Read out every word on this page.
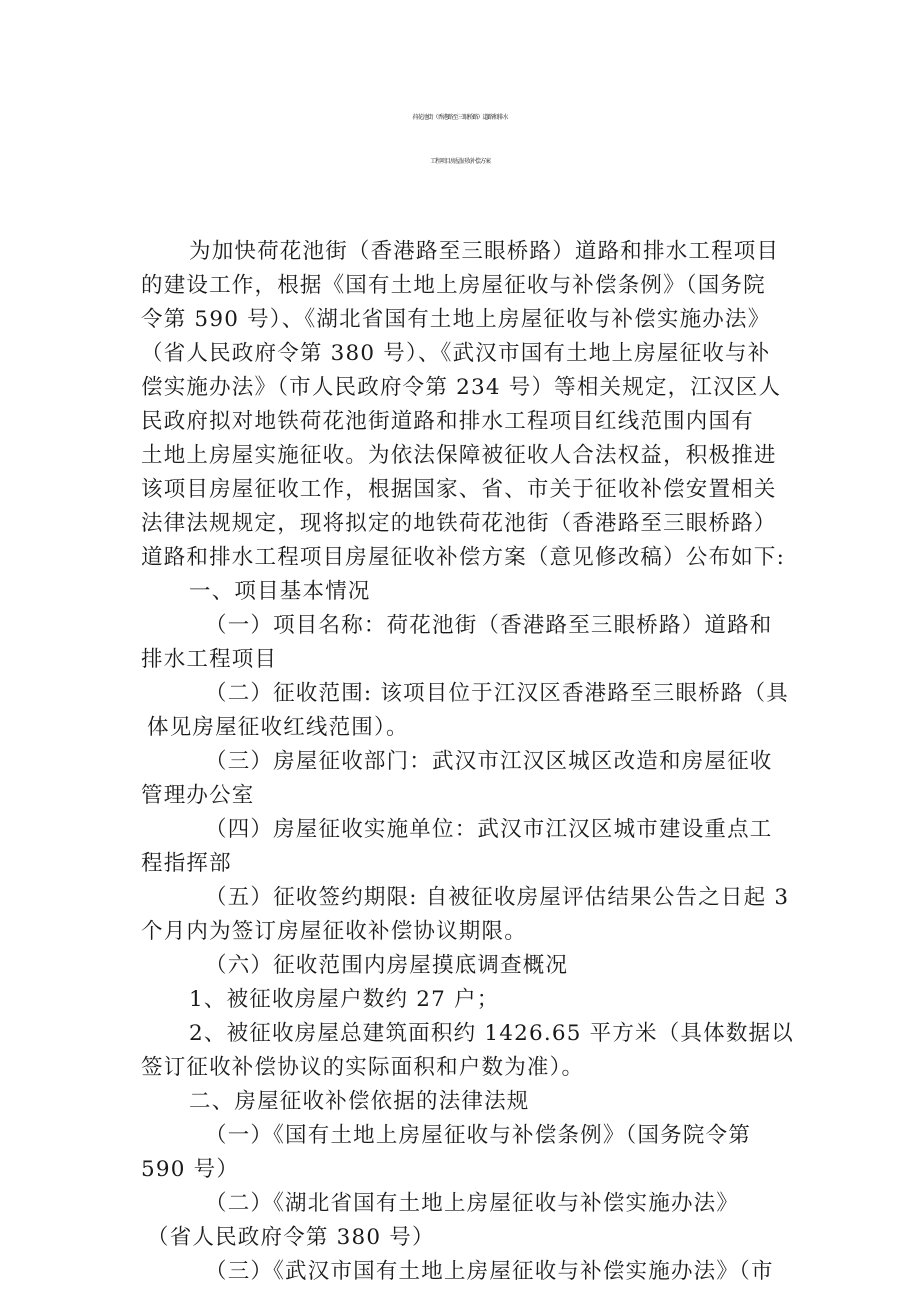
荷花池街（香港路至三眼桥路）道路和排水
工程项目房屋征收补偿方案
为加快荷花池街（香港路至三眼桥路）道路和排水工程项目
的建设工作，根据《国有土地上房屋征收与补偿条例》（国务院
令第 590 号）、《湖北省国有土地上房屋征收与补偿实施办法》
（省人民政府令第 380 号）、《武汉市国有土地上房屋征收与补
偿实施办法》（市人民政府令第 234 号）等相关规定，江汉区人
民政府拟对地铁荷花池街道路和排水工程项目红线范围内国有
土地上房屋实施征收。为依法保障被征收人合法权益，积极推进
该项目房屋征收工作，根据国家、省、市关于征收补偿安置相关
法律法规规定，现将拟定的地铁荷花池街（香港路至三眼桥路）
道路和排水工程项目房屋征收补偿方案（意见修改稿）公布如下:
一、项目基本情况
（一）项目名称：荷花池街（香港路至三眼桥路）道路和
排水工程项目
（二）征收范围: 该项目位于江汉区香港路至三眼桥路（具
体见房屋征收红线范围）。
（三）房屋征收部门：武汉市江汉区城区改造和房屋征收
管理办公室
（四）房屋征收实施单位：武汉市江汉区城市建设重点工
程指挥部
（五）征收签约期限: 自被征收房屋评估结果公告之日起 3
个月内为签订房屋征收补偿协议期限。
（六）征收范围内房屋摸底调查概况
1、被征收房屋户数约 27 户；
2、被征收房屋总建筑面积约 1426.65 平方米（具体数据以
签订征收补偿协议的实际面积和户数为准）。
二、房屋征收补偿依据的法律法规
（一）《国有土地上房屋征收与补偿条例》（国务院令第
590 号）
（二）《湖北省国有土地上房屋征收与补偿实施办法》
（省人民政府令第 380 号）
（三）《武汉市国有土地上房屋征收与补偿实施办法》（市
